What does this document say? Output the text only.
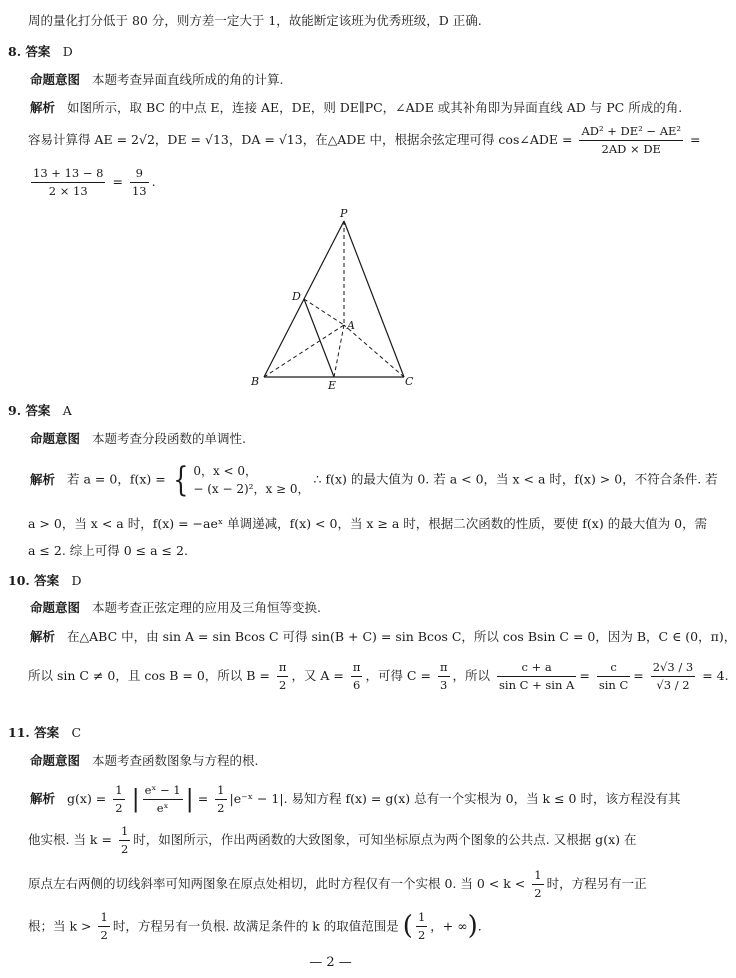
周的量化打分低于 80 分，则方差一定大于 1，故能断定该班为优秀班级，D 正确.
8. 答案 D
命题意图 本题考查异面直线所成的角的计算.
解析 如图所示，取 BC 的中点 E，连接 AE，DE，则 DE∥PC，∠ADE 或其补角即为异面直线 AD 与 PC 所成的角.
容易计算得 AE = 2√2，DE = √13，DA = √13，在△ADE 中，根据余弦定理可得 cos∠ADE = $\frac{\text{AD² + DE² − AE²}}{2AD \times DE}$ =
$\frac{13 + 13 - 8}{2 \times 13} = \frac{9}{13}$ .
P
D
A
B	E	C
9. 答案 A
命题意图 本题考查分段函数的单调性.
解析 若 a = 0，f(x) = { 0，x < 0，
− (x − 2)²，x ≥ 0，
∴ f(x) 的最大值为 0. 若 a < 0，当 x < a 时，f(x) > 0，不符合条件. 若
a > 0，当 x < a 时，f(x) = −aeˣ 单调递减，f(x) < 0，当 x ≥ a 时，根据二次函数的性质，要使 f(x) 的最大值为 0，需
a ≤ 2. 综上可得 0 ≤ a ≤ 2.
10. 答案 D
命题意图 本题考查正弦定理的应用及三角恒等变换.
解析 在△ABC 中，由 sin A = sin Bcos C 可得 sin(B + C) = sin Bcos C，所以 cos Bsin C = 0，因为 B，C ∈ (0，π)，
所以 sin C ≠ 0，且 cos B = 0，所以 $B = \frac{\pi}{2}$ ，又 $A = \frac{\pi}{6}$ ，可得 $C = \frac{\pi}{3}$ ，所以 $\frac{c + a}{\text{sin C + sin A}} = \frac{c}{\text{sin C}} = \frac{2√3 / 3}{√3 / 2} = 4$.
11. 答案 C
命题意图 本题考查函数图象与方程的根.
解析 $g(x) = \frac{1}{2}$ | $\frac{\text{eˣ − 1}}{\text{eˣ}}$ | = $\frac{1}{2}$ |e⁻ˣ − 1|. 易知方程 f(x) = g(x) 总有一个实根为 0，当 k ≤ 0 时，该方程没有其
他实根. 当 $k = \frac{1}{2}$ 时，如图所示，作出两函数的大致图象，可知坐标原点为两个图象的公共点. 又根据 g(x) 在
原点左右两侧的切线斜率可知两图象在原点处相切，此时方程仅有一个实根 0. 当 $0 < k < \frac{1}{2}$ 时，方程另有一正
根；当 $k > \frac{1}{2}$ 时，方程另有一负根. 故满足条件的 k 的取值范围是 ( $\frac{1}{2}$ ，+ ∞).
— 2 —
